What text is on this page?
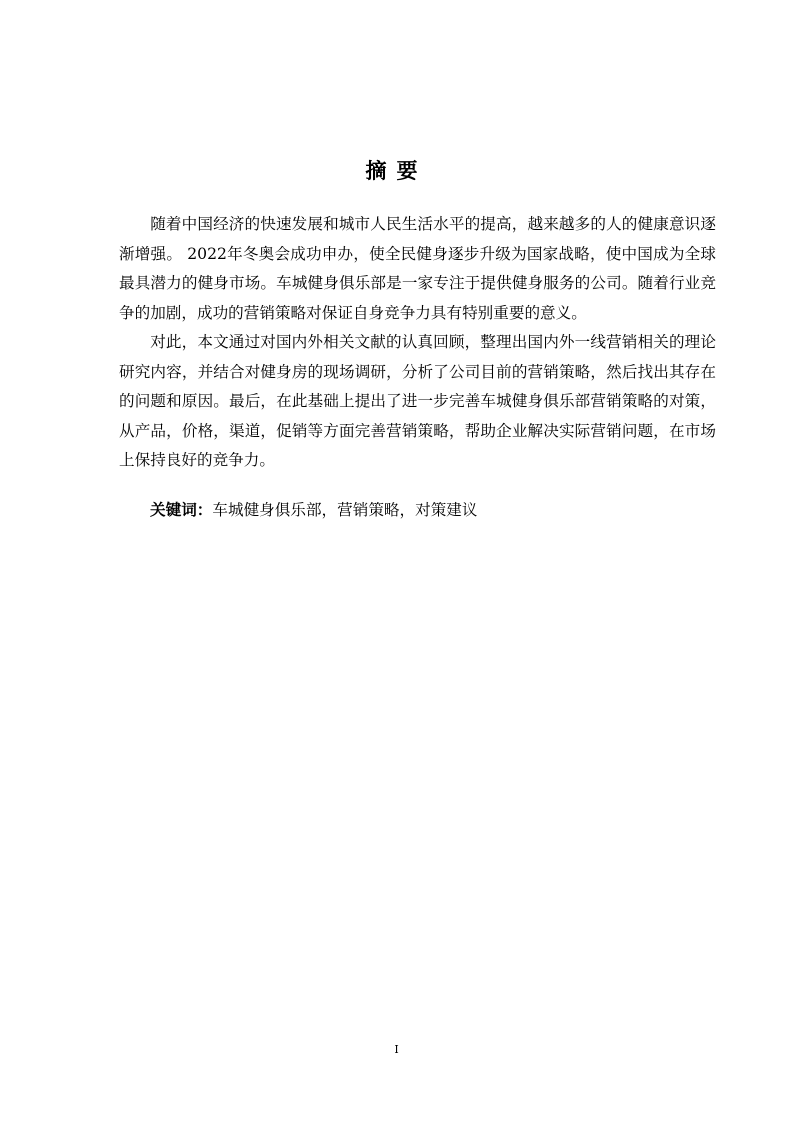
摘要

随着中国经济的快速发展和城市人民生活水平的提高，越来越多的人的健康意识逐渐增强。 2022年冬奥会成功申办，使全民健身逐步升级为国家战略，使中国成为全球最具潜力的健身市场。车城健身俱乐部是一家专注于提供健身服务的公司。随着行业竞争的加剧，成功的营销策略对保证自身竞争力具有特别重要的意义。

对此，本文通过对国内外相关文献的认真回顾，整理出国内外一线营销相关的理论研究内容，并结合对健身房的现场调研，分析了公司目前的营销策略，然后找出其存在的问题和原因。最后，在此基础上提出了进一步完善车城健身俱乐部营销策略的对策，从产品，价格，渠道，促销等方面完善营销策略，帮助企业解决实际营销问题，在市场上保持良好的竞争力。

关键词：车城健身俱乐部，营销策略，对策建议
I
